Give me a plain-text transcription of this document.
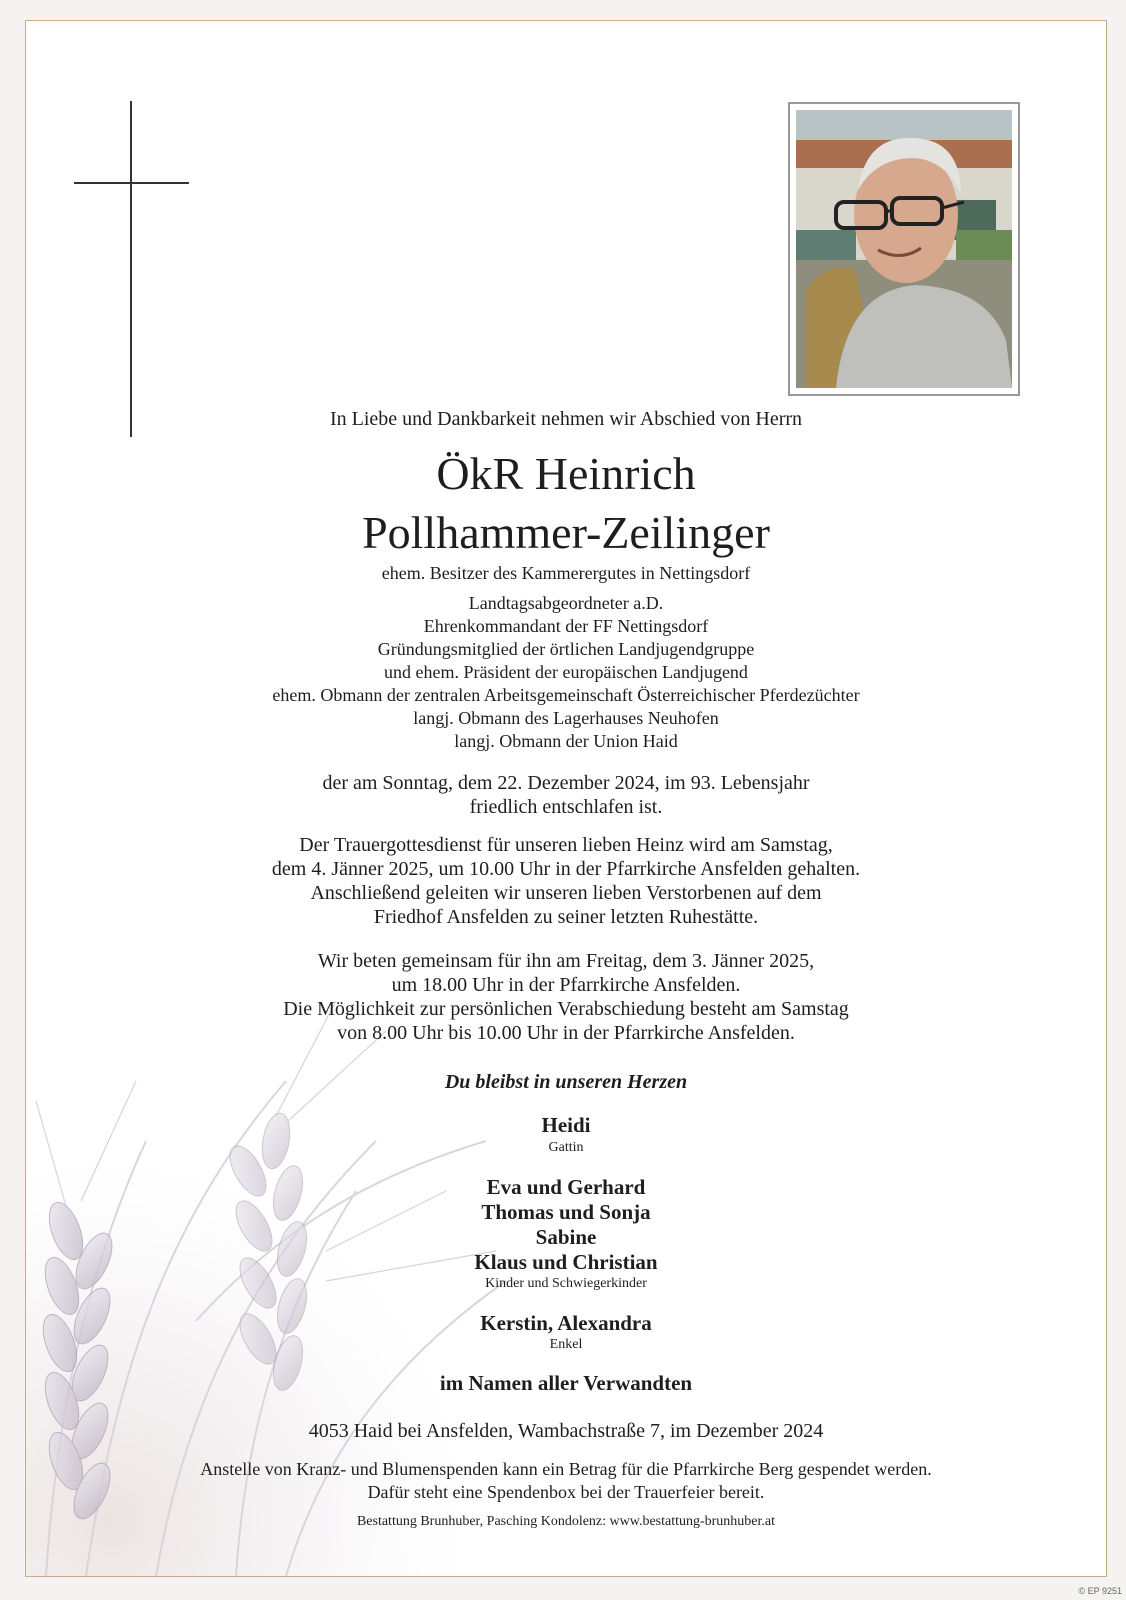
In Liebe und Dankbarkeit nehmen wir Abschied von Herrn
ÖkR Heinrich
Pollhammer-Zeilinger
ehem. Besitzer des Kammerergutes in Nettingsdorf
Landtagsabgeordneter a.D.
Ehrenkommandant der FF Nettingsdorf
Gründungsmitglied der örtlichen Landjugendgruppe
und ehem. Präsident der europäischen Landjugend
ehem. Obmann der zentralen Arbeitsgemeinschaft Österreichischer Pferdezüchter
langj. Obmann des Lagerhauses Neuhofen
langj. Obmann der Union Haid
der am Sonntag, dem 22. Dezember 2024, im 93. Lebensjahr
friedlich entschlafen ist.
Der Trauergottesdienst für unseren lieben Heinz wird am Samstag,
dem 4. Jänner 2025, um 10.00 Uhr in der Pfarrkirche Ansfelden gehalten.
Anschließend geleiten wir unseren lieben Verstorbenen auf dem
Friedhof Ansfelden zu seiner letzten Ruhestätte.
Wir beten gemeinsam für ihn am Freitag, dem 3. Jänner 2025,
um 18.00 Uhr in der Pfarrkirche Ansfelden.
Die Möglichkeit zur persönlichen Verabschiedung besteht am Samstag
von 8.00 Uhr bis 10.00 Uhr in der Pfarrkirche Ansfelden.
Du bleibst in unseren Herzen
Heidi
Gattin
Eva und Gerhard
Thomas und Sonja
Sabine
Klaus und Christian
Kinder und Schwiegerkinder
Kerstin, Alexandra
Enkel
im Namen aller Verwandten
4053 Haid bei Ansfelden, Wambachstraße 7, im Dezember 2024
Anstelle von Kranz- und Blumenspenden kann ein Betrag für die Pfarrkirche Berg gespendet werden.
Dafür steht eine Spendenbox bei der Trauerfeier bereit.
Bestattung Brunhuber, Pasching Kondolenz: www.bestattung-brunhuber.at
© EP 9251
